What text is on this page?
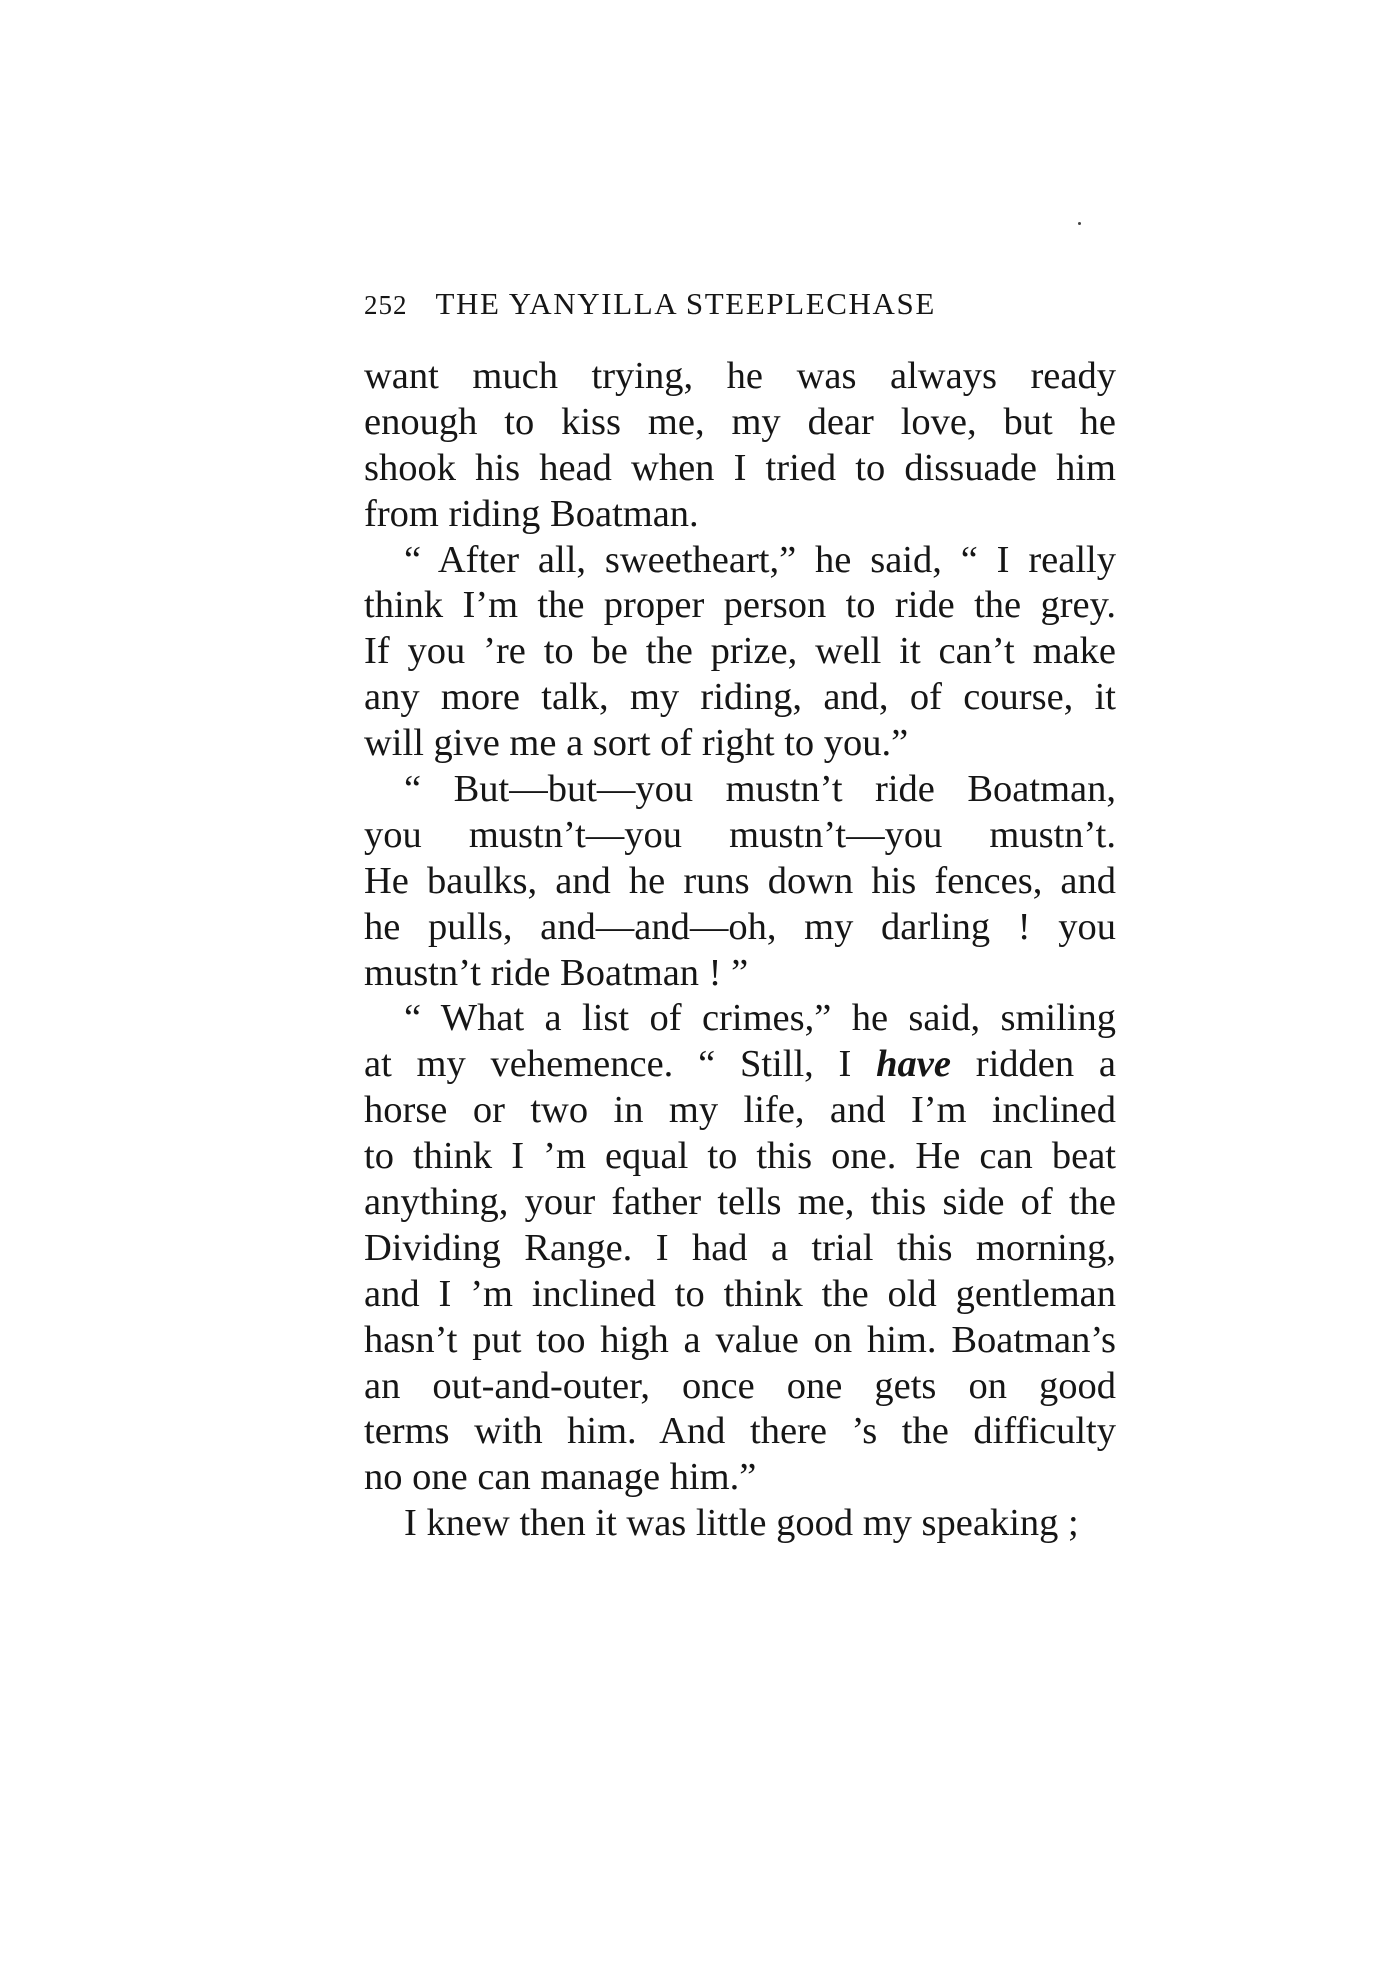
252 THE YANYILLA STEEPLECHASE
want much trying, he was always ready
enough to kiss me, my dear love, but he
shook his head when I tried to dissuade him
from riding Boatman.
“ After all, sweetheart,” he said, “ I really
think I’m the proper person to ride the grey.
If you ’re to be the prize, well it can’t make
any more talk, my riding, and, of course, it
will give me a sort of right to you.”
“ But—but—you mustn’t ride Boatman,
you mustn’t—you mustn’t—you mustn’t.
He baulks, and he runs down his fences, and
he pulls, and—and—oh, my darling ! you
mustn’t ride Boatman ! ”
“ What a list of crimes,” he said, smiling
at my vehemence. “ Still, I have ridden a
horse or two in my life, and I’m inclined
to think I ’m equal to this one. He can beat
anything, your father tells me, this side of the
Dividing Range. I had a trial this morning,
and I ’m inclined to think the old gentleman
hasn’t put too high a value on him. Boatman’s
an out-and-outer, once one gets on good
terms with him. And there ’s the difficulty
no one can manage him.”
I knew then it was little good my speaking ;
